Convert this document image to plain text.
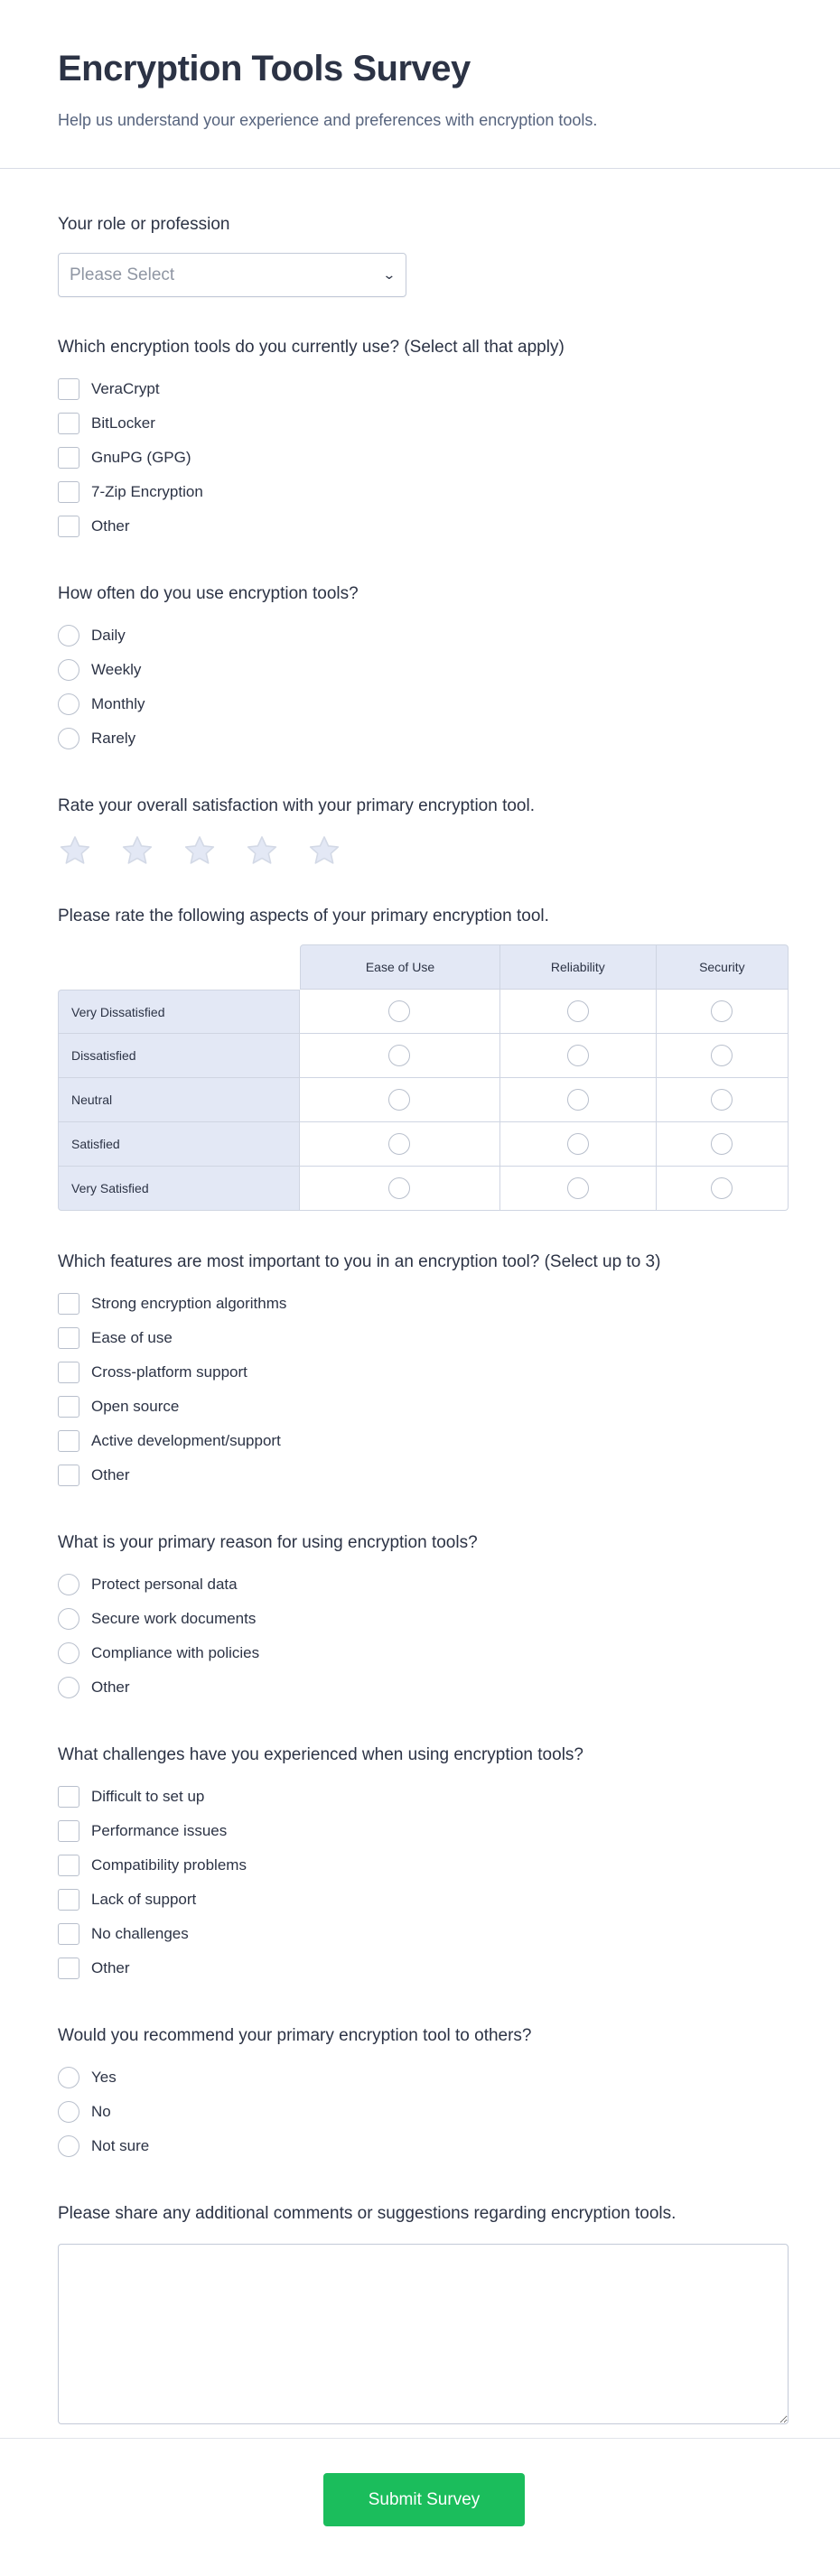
Encryption Tools Survey

Help us understand your experience and preferences with encryption tools.

Your role or profession
Please Select	⌄
Which encryption tools do you currently use? (Select all that apply)
VeraCrypt
BitLocker
GnuPG (GPG)
7-Zip Encryption
Other
How often do you use encryption tools?
Daily
Weekly
Monthly
Rarely
Rate your overall satisfaction with your primary encryption tool.
Please rate the following aspects of your primary encryption tool.
	Ease of Use	Reliability	Security
Very Dissatisfied			
Dissatisfied			
Neutral			
Satisfied			
Very Satisfied			
Which features are most important to you in an encryption tool? (Select up to 3)
Strong encryption algorithms
Ease of use
Cross-platform support
Open source
Active development/support
Other
What is your primary reason for using encryption tools?
Protect personal data
Secure work documents
Compliance with policies
Other
What challenges have you experienced when using encryption tools?
Difficult to set up
Performance issues
Compatibility problems
Lack of support
No challenges
Other
Would you recommend your primary encryption tool to others?
Yes
No
Not sure
Please share any additional comments or suggestions regarding encryption tools.
Submit Survey
